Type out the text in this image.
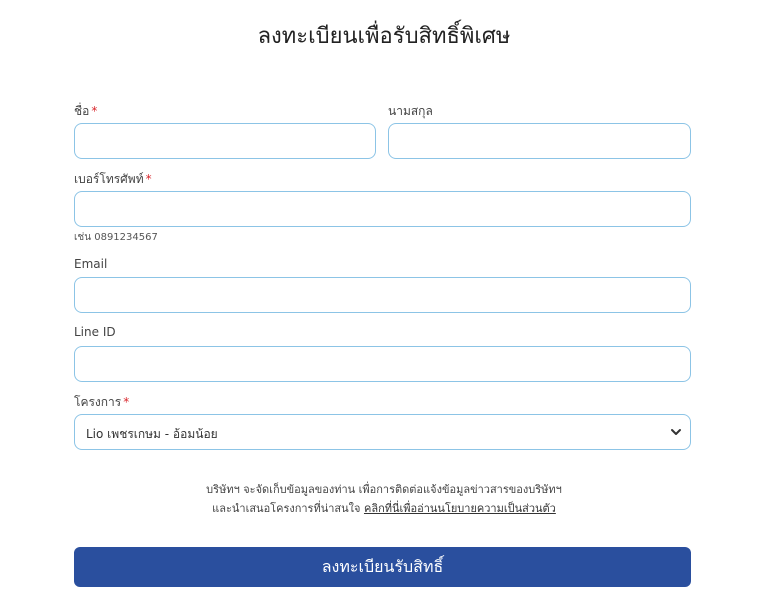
ลงทะเบียนเพื่อรับสิทธิ์พิเศษ
ชื่อ *	นามสกุล
เบอร์โทรศัพท์ *
เช่น 0891234567
Email
Line ID
โครงการ *
Lio เพชรเกษม - อ้อมน้อย
บริษัทฯ จะจัดเก็บข้อมูลของท่าน เพื่อการติดต่อแจ้งข้อมูลข่าวสารของบริษัทฯ
และนำเสนอโครงการที่น่าสนใจ คลิกที่นี่เพื่ออ่านนโยบายความเป็นส่วนตัว
ลงทะเบียนรับสิทธิ์
